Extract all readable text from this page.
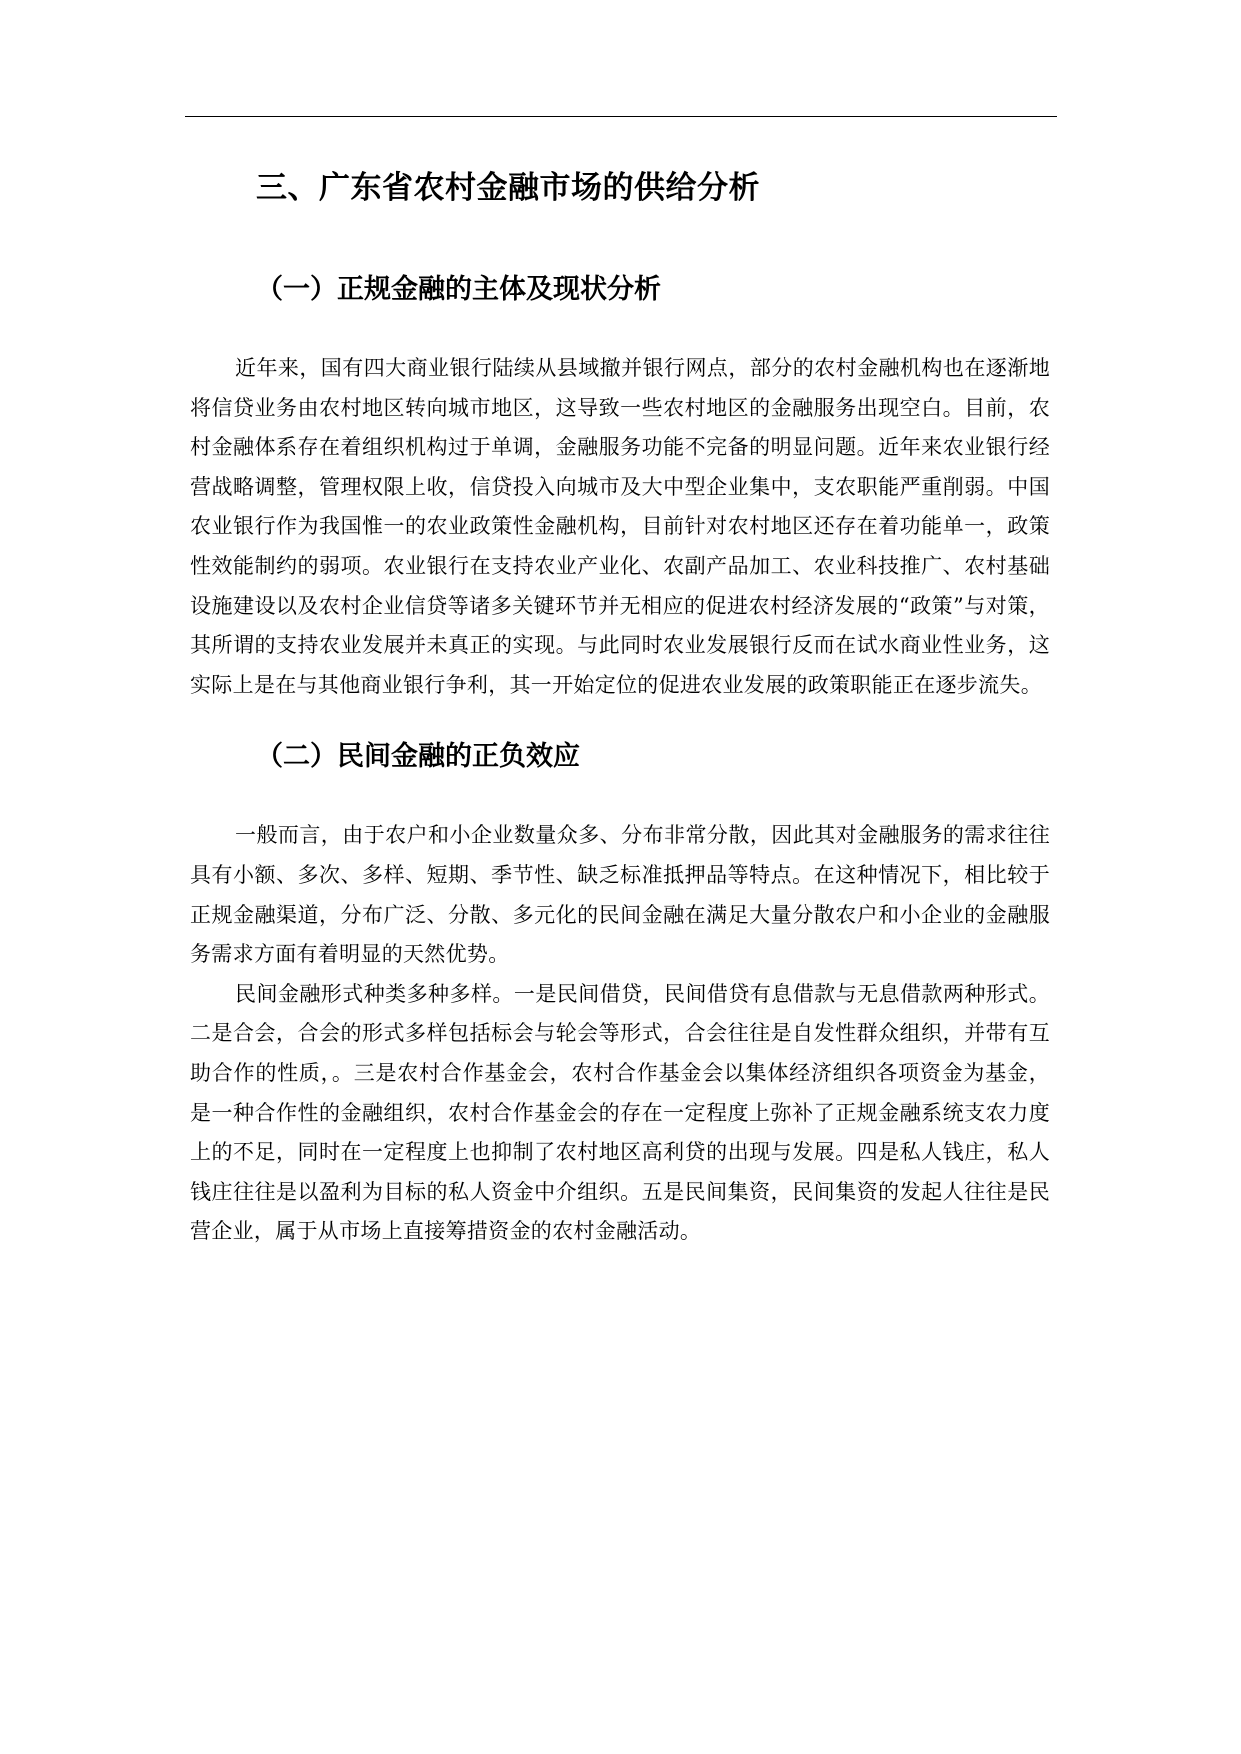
三、广东省农村金融市场的供给分析
（一）正规金融的主体及现状分析

近年来，国有四大商业银行陆续从县域撤并银行网点，部分的农村金融机构也在逐渐地将信贷业务由农村地区转向城市地区，这导致一些农村地区的金融服务出现空白。目前，农村金融体系存在着组织机构过于单调，金融服务功能不完备的明显问题。近年来农业银行经营战略调整，管理权限上收，信贷投入向城市及大中型企业集中，支农职能严重削弱。中国农业银行作为我国惟一的农业政策性金融机构，目前针对农村地区还存在着功能单一，政策性效能制约的弱项。农业银行在支持农业产业化、农副产品加工、农业科技推广、农村基础设施建设以及农村企业信贷等诸多关键环节并无相应的促进农村经济发展的“政策”与对策，其所谓的支持农业发展并未真正的实现。与此同时农业发展银行反而在试水商业性业务，这实际上是在与其他商业银行争利，其一开始定位的促进农业发展的政策职能正在逐步流失。

（二）民间金融的正负效应

一般而言，由于农户和小企业数量众多、分布非常分散，因此其对金融服务的需求往往具有小额、多次、多样、短期、季节性、缺乏标准抵押品等特点。在这种情况下，相比较于正规金融渠道，分布广泛、分散、多元化的民间金融在满足大量分散农户和小企业的金融服务需求方面有着明显的天然优势。

民间金融形式种类多种多样。一是民间借贷，民间借贷有息借款与无息借款两种形式。二是合会，合会的形式多样包括标会与轮会等形式，合会往往是自发性群众组织，并带有互助合作的性质，。三是农村合作基金会，农村合作基金会以集体经济组织各项资金为基金，是一种合作性的金融组织，农村合作基金会的存在一定程度上弥补了正规金融系统支农力度上的不足，同时在一定程度上也抑制了农村地区高利贷的出现与发展。四是私人钱庄，私人钱庄往往是以盈利为目标的私人资金中介组织。五是民间集资，民间集资的发起人往往是民营企业，属于从市场上直接筹措资金的农村金融活动。
